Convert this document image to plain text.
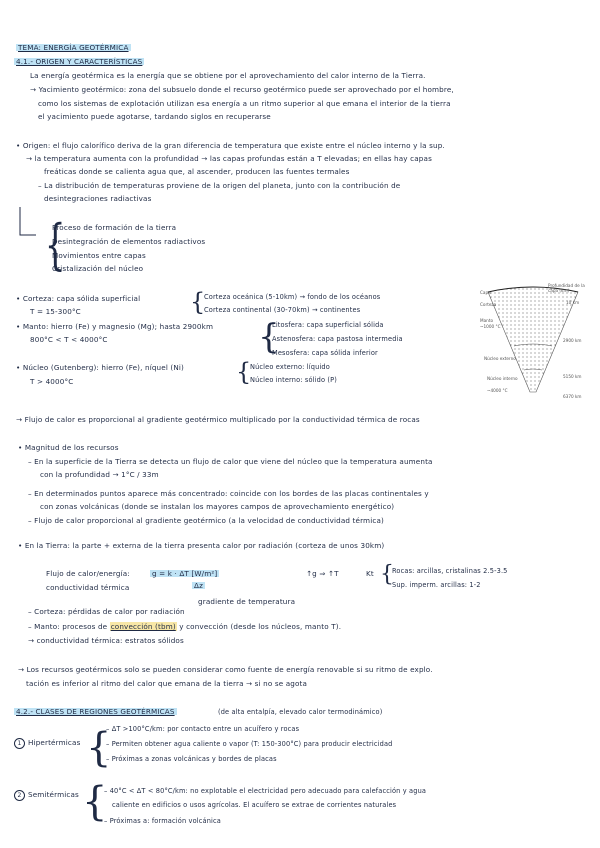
TEMA: ENERGÍA GEOTÉRMICA
4.1.- ORIGEN Y CARACTERÍSTICAS
La energía geotérmica es la energía que se obtiene por el aprovechamiento del calor interno de la Tierra.
→ Yacimiento geotérmico: zona del subsuelo donde el recurso geotérmico puede ser aprovechado por el hombre,
como los sistemas de explotación utilizan esa energía a un ritmo superior al que emana el interior de la tierra
el yacimiento puede agotarse, tardando siglos en recuperarse
• Origen: el flujo calorífico deriva de la gran diferencia de temperatura que existe entre el núcleo interno y la sup.
→ la temperatura aumenta con la profundidad → las capas profundas están a T elevadas; en ellas hay capas
freáticas donde se calienta agua que, al ascender, producen las fuentes termales
– La distribución de temperaturas proviene de la origen del planeta, junto con la contribución de
desintegraciones radiactivas
{
Proceso de formación de la tierra
Desintegración de elementos radiactivos
Movimientos entre capas
Cristalización del núcleo
• Corteza: capa sólida superficial
T = 15-300°C	{
Corteza oceánica (5-10km) → fondo de los océanos
Corteza continental (30-70km) → continentes
• Manto: hierro (Fe) y magnesio (Mg); hasta 2900km
800°C < T < 4000°C	{
Litosfera: capa superficial sólida
Astenosfera: capa pastosa intermedia
Mesosfera: capa sólida inferior
• Núcleo (Gutenberg): hierro (Fe), níquel (Ni)
T > 4000°C	{
Núcleo externo: líquido
Núcleo interno: sólido (P)
Capa
Corteza
Manto
~1000 °C
Núcleo externo
Núcleo interno
~4000 °C
Profundidad de la capa (km)
10 km
2900 km
5150 km
6370 km
→ Flujo de calor es proporcional al gradiente geotérmico multiplicado por la conductividad térmica de rocas
• Magnitud de los recursos
– En la superficie de la Tierra se detecta un flujo de calor que viene del núcleo que la temperatura aumenta
con la profundidad → 1°C / 33m
– En determinados puntos aparece más concentrado: coincide con los bordes de las placas continentales y
con zonas volcánicas (donde se instalan los mayores campos de aprovechamiento energético)
– Flujo de calor proporcional al gradiente geotérmico (a la velocidad de conductividad térmica)
• En la Tierra: la parte + externa de la tierra presenta calor por radiación (corteza de unos 30km)
Flujo de calor/energía:	g = k · ΔT [W/m²]
Δz
↑g ⇒ ↑T	Kt {
Rocas: arcillas, cristalinas 2.5-3.5
Sup. imperm. arcillas: 1-2
conductividad térmica
gradiente de temperatura
– Corteza: pérdidas de calor por radiación
– Manto: procesos de convección (tbm) y convección (desde los núcleos, manto T).
→ conductividad térmica: estratos sólidos
→ Los recursos geotérmicos solo se pueden considerar como fuente de energía renovable si su ritmo de explo.
tación es inferior al ritmo del calor que emana de la tierra → si no se agota
4.2.- CLASES DE REGIONES GEOTÉRMICAS	(de alta entalpía, elevado calor termodinámico)
1 Hipertérmicas {
– ΔT >100°C/km: por contacto entre un acuífero y rocas
– Permiten obtener agua caliente o vapor (T: 150-300°C) para producir electricidad
– Próximas a zonas volcánicas y bordes de placas
2 Semitérmicas {
– 40°C < ΔT < 80°C/km: no explotable el electricidad pero adecuado para calefacción y agua
caliente en edificios o usos agrícolas. El acuífero se extrae de corrientes naturales
– Próximas a: formación volcánica
